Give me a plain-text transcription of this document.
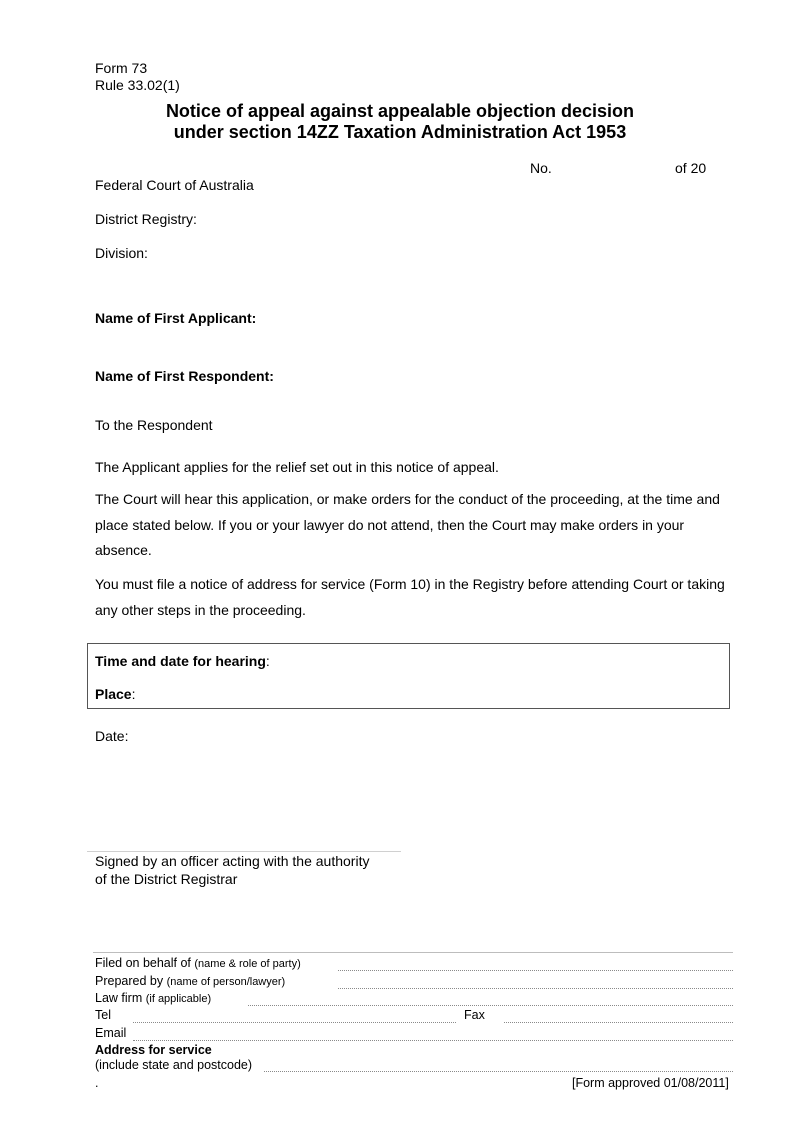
Form 73
Rule 33.02(1)
Notice of appeal against appealable objection decision
under section 14ZZ Taxation Administration Act 1953
No.	of 20
Federal Court of Australia
District Registry:
Division:
Name of First Applicant:
Name of First Respondent:
To the Respondent
The Applicant applies for the relief set out in this notice of appeal.
The Court will hear this application, or make orders for the conduct of the proceeding, at the time and place stated below. If you or your lawyer do not attend, then the Court may make orders in your absence.
You must file a notice of address for service (Form 10) in the Registry before attending Court or taking any other steps in the proceeding.
Time and date for hearing:
Place:
Date:
Signed by an officer acting with the authority
of the District Registrar
Filed on behalf of (name & role of party)
Prepared by (name of person/lawyer)
Law firm (if applicable)
Tel	Fax
Email
Address for service
(include state and postcode)
.	[Form approved 01/08/2011]
